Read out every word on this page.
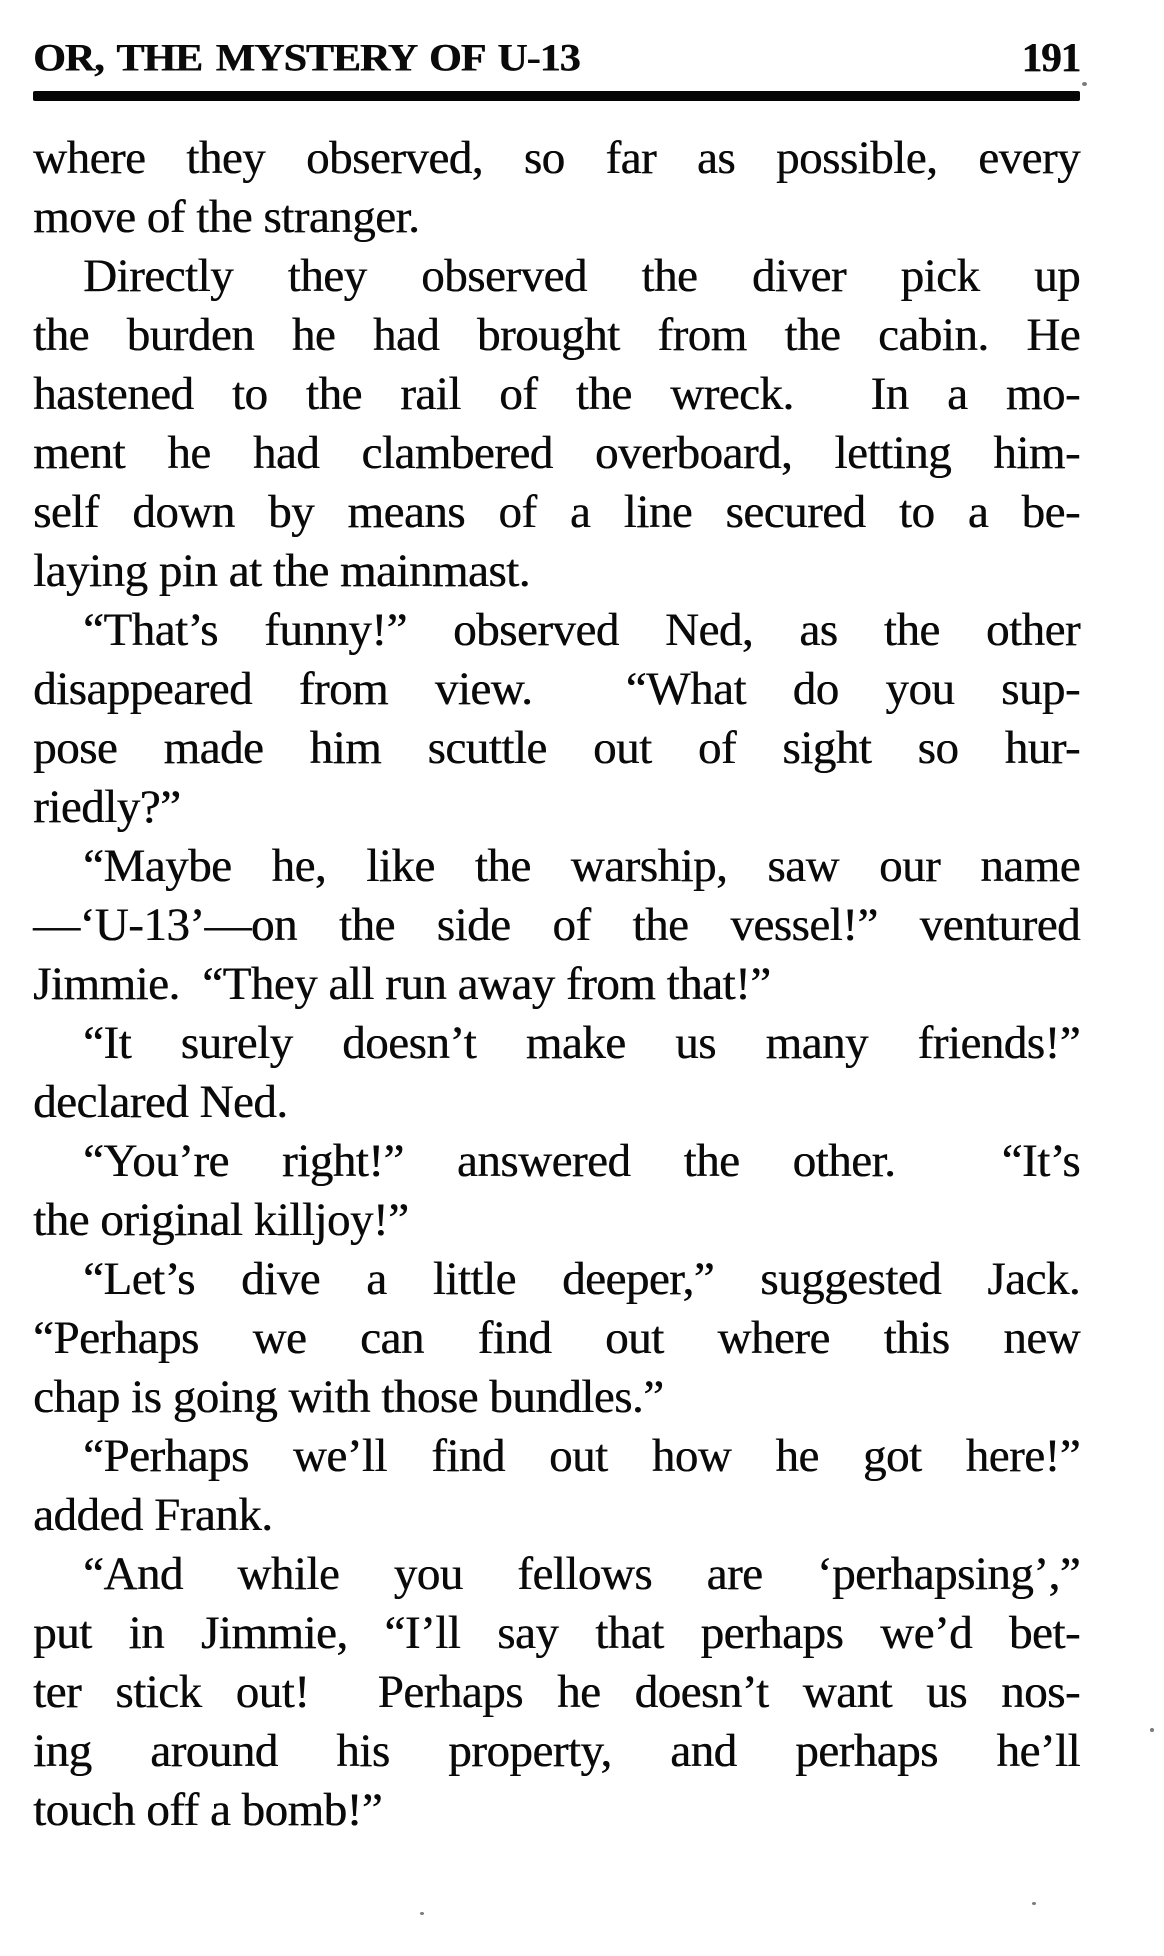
OR, THE MYSTERY OF U-13	191
where they observed, so far as possible, every
move of the stranger.
Directly they observed the diver pick up
the burden he had brought from the cabin. He
hastened to the rail of the wreck.  In a mo-
ment he had clambered overboard, letting him-
self down by means of a line secured to a be-
laying pin at the mainmast.
“That’s funny!” observed Ned, as the other
disappeared from view.  “What do you sup-
pose made him scuttle out of sight so hur-
riedly?”
“Maybe he, like the warship, saw our name
—‘U-13’—on the side of the vessel!” ventured
Jimmie.  “They all run away from that!”
“It surely doesn’t make us many friends!”
declared Ned.
“You’re right!” answered the other.  “It’s
the original killjoy!”
“Let’s dive a little deeper,” suggested Jack.
“Perhaps we can find out where this new
chap is going with those bundles.”
“Perhaps we’ll find out how he got here!”
added Frank.
“And while you fellows are ‘perhapsing’,”
put in Jimmie, “I’ll say that perhaps we’d bet-
ter stick out!  Perhaps he doesn’t want us nos-
ing around his property, and perhaps he’ll
touch off a bomb!”
